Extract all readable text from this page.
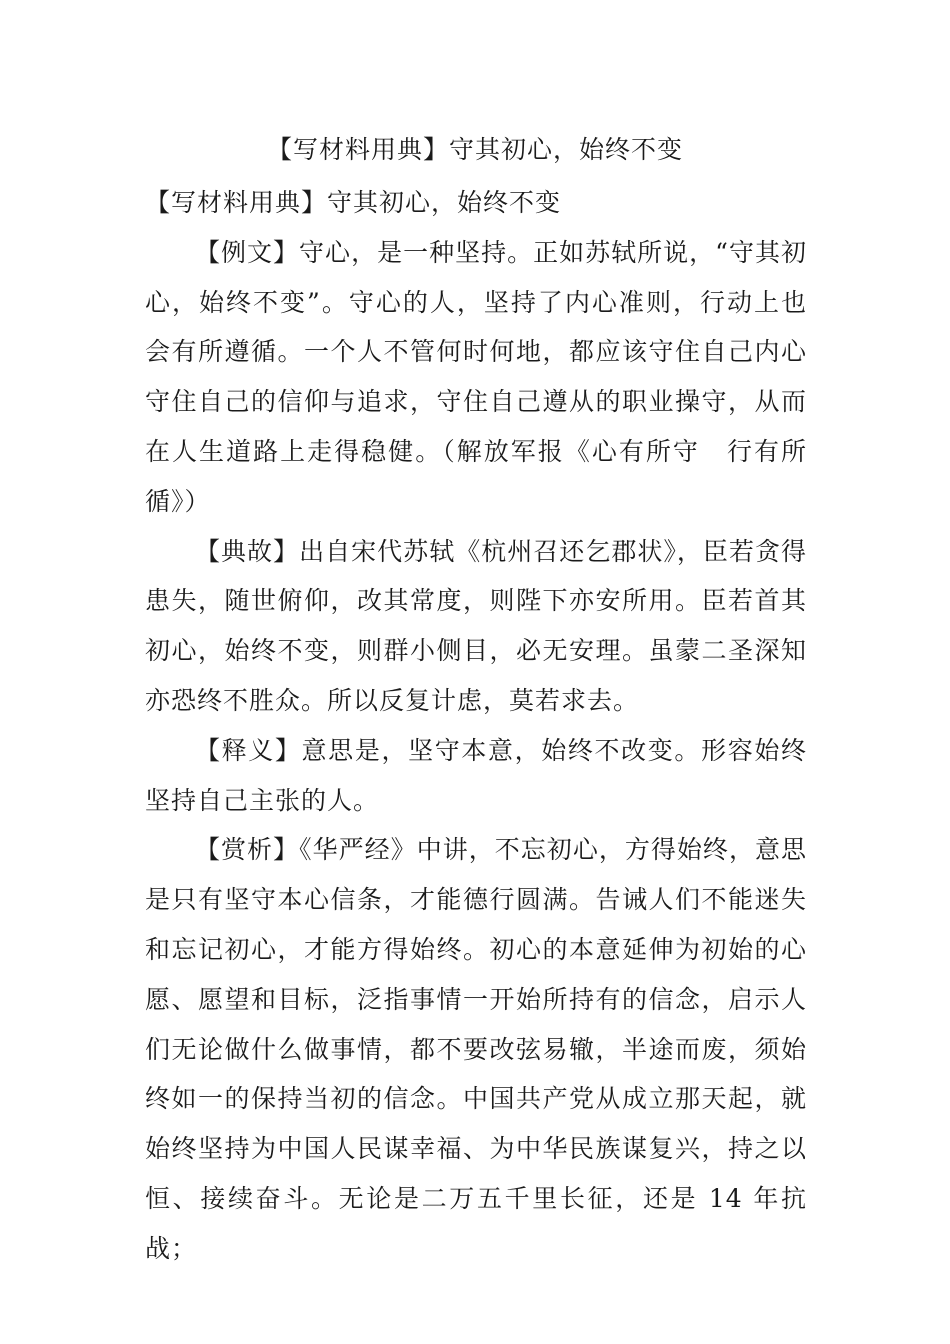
【写材料用典】守其初心，始终不变

【写材料用典】守其初心，始终不变

【例文】守心，是一种坚持。正如苏轼所说，“守其初心，始终不变”。守心的人，坚持了内心准则，行动上也会有所遵循。一个人不管何时何地，都应该守住自己内心守住自己的信仰与追求，守住自己遵从的职业操守，从而在人生道路上走得稳健。（解放军报《心有所守　行有所循》）

【典故】出自宋代苏轼《杭州召还乞郡状》，臣若贪得患失，随世俯仰，改其常度，则陛下亦安所用。臣若首其初心，始终不变，则群小侧目，必无安理。虽蒙二圣深知亦恐终不胜众。所以反复计虑，莫若求去。

【释义】意思是，坚守本意，始终不改变。形容始终坚持自己主张的人。

【赏析】《华严经》中讲，不忘初心，方得始终，意思是只有坚守本心信条，才能德行圆满。告诫人们不能迷失和忘记初心，才能方得始终。初心的本意延伸为初始的心愿、愿望和目标，泛指事情一开始所持有的信念，启示人们无论做什么做事情，都不要改弦易辙，半途而废，须始终如一的保持当初的信念。中国共产党从成立那天起，就始终坚持为中国人民谋幸福、为中华民族谋复兴，持之以恒、接续奋斗。无论是二万五千里长征，还是 14 年抗战；
